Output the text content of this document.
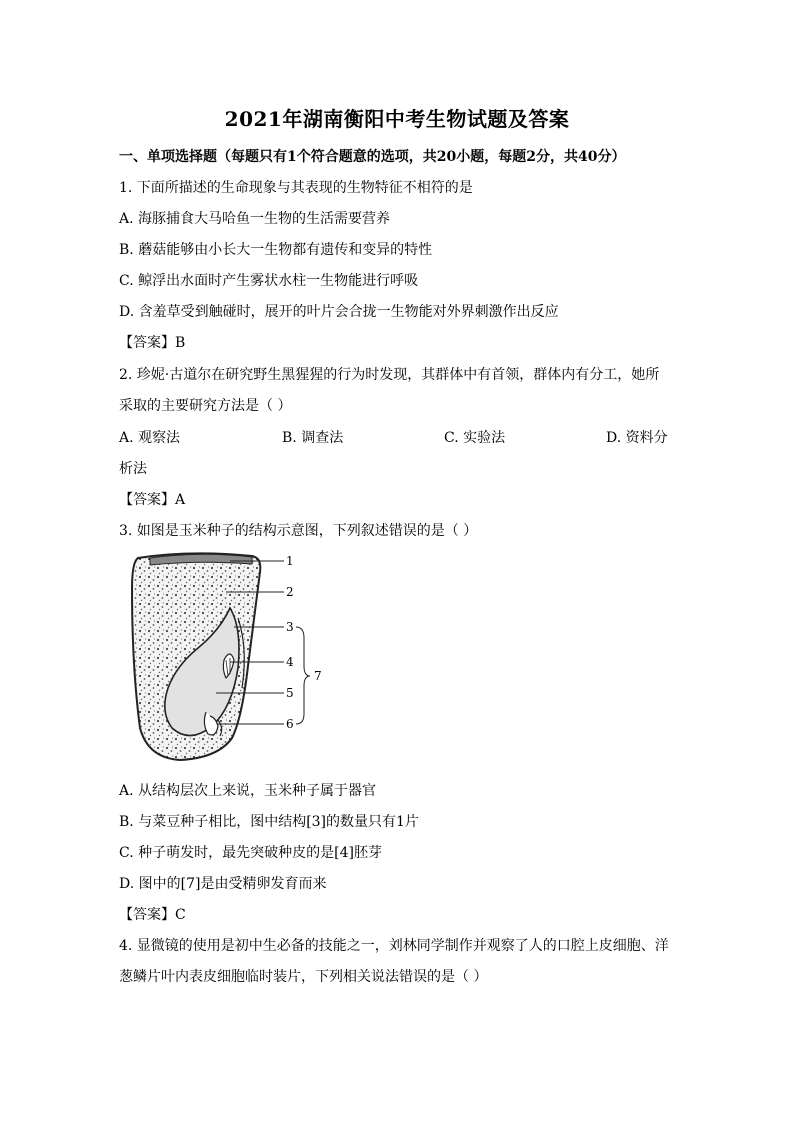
2021年湖南衡阳中考生物试题及答案
一、单项选择题（每题只有1个符合题意的选项，共20小题，每题2分，共40分）
1. 下面所描述的生命现象与其表现的生物特征不相符的是
A. 海豚捕食大马哈鱼一生物的生活需要营养
B. 蘑菇能够由小长大一生物都有遗传和变异的特性
C. 鲸浮出水面时产生雾状水柱一生物能进行呼吸
D. 含羞草受到触碰时，展开的叶片会合拢一生物能对外界刺激作出反应
【答案】B
2. 珍妮·古道尔在研究野生黑猩猩的行为时发现，其群体中有首领，群体内有分工，她所
采取的主要研究方法是（ ）
A. 观察法	B. 调查法	C. 实验法	D. 资料分
析法
【答案】A
3. 如图是玉米种子的结构示意图，下列叙述错误的是（ ）
1
2
3
4
5
6
7
A. 从结构层次上来说，玉米种子属于器官
B. 与菜豆种子相比，图中结构[3]的数量只有1片
C. 种子萌发时，最先突破种皮的是[4]胚芽
D. 图中的[7]是由受精卵发育而来
【答案】C
4. 显微镜的使用是初中生必备的技能之一，刘林同学制作并观察了人的口腔上皮细胞、洋
葱鳞片叶内表皮细胞临时装片，下列相关说法错误的是（ ）
